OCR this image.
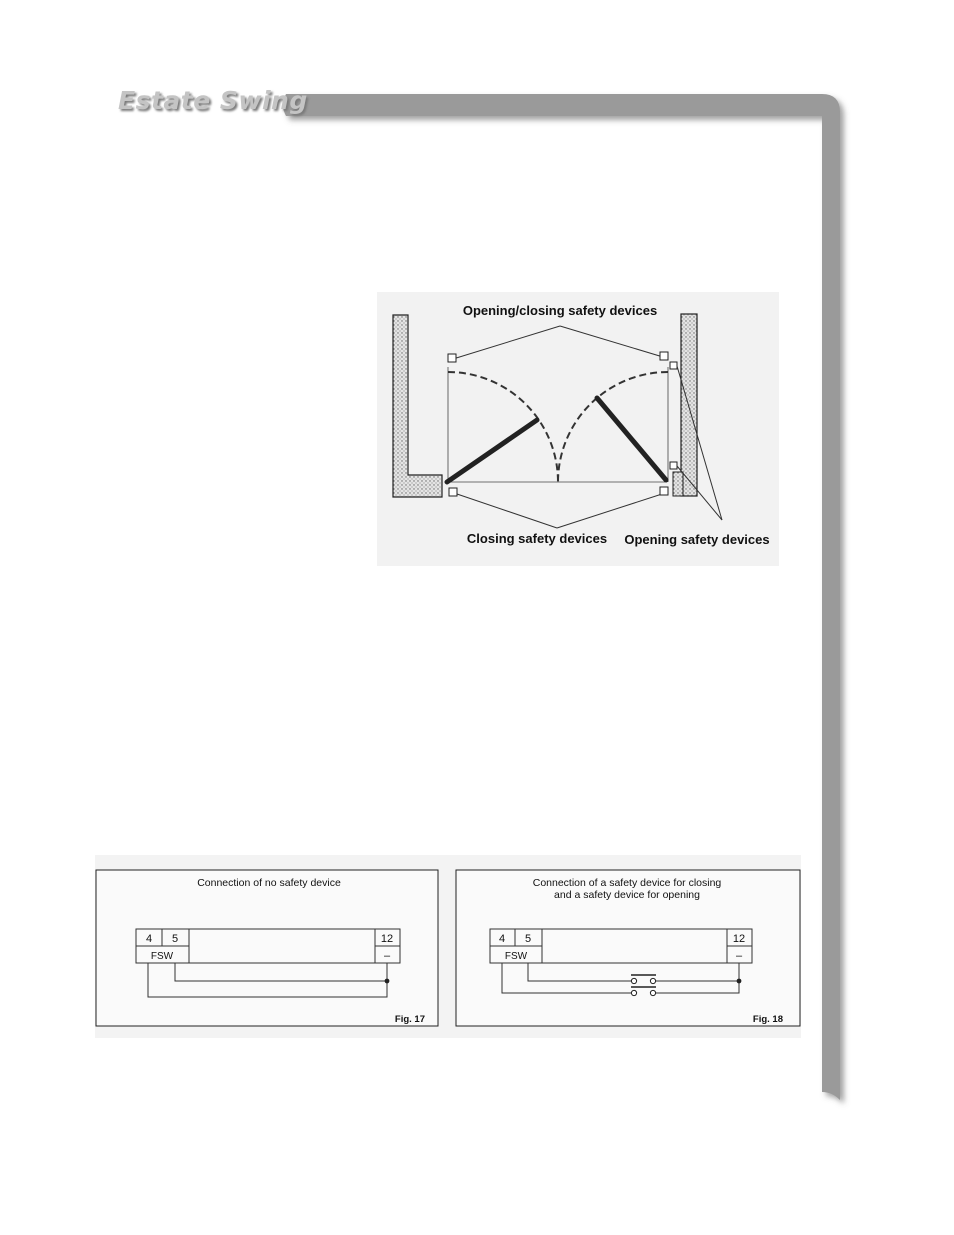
Estate Swing
Opening/closing safety devices
Closing safety devices Opening safety devices
Connection of no safety device
4 5
FSW
12
–
Fig. 17
Connection of a safety device for closing
and a safety device for opening
4 5
FSW
12
–
Fig. 18
